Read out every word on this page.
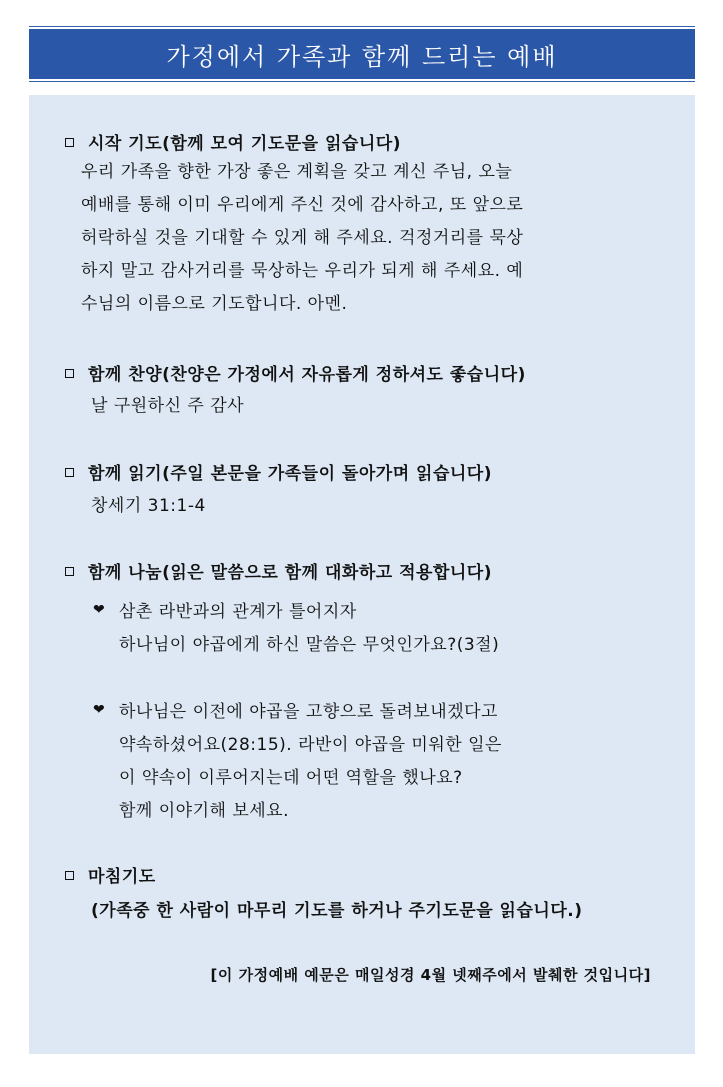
가정에서 가족과 함께 드리는 예배
시작 기도(함께 모여 기도문을 읽습니다)
우리 가족을 향한 가장 좋은 계획을 갖고 계신 주님, 오늘
예배를 통해 이미 우리에게 주신 것에 감사하고, 또 앞으로
허락하실 것을 기대할 수 있게 해 주세요. 걱정거리를 묵상
하지 말고 감사거리를 묵상하는 우리가 되게 해 주세요. 예
수님의 이름으로 기도합니다. 아멘.
함께 찬양(찬양은 가정에서 자유롭게 정하셔도 좋습니다)
날 구원하신 주 감사
함께 읽기(주일 본문을 가족들이 돌아가며 읽습니다)
창세기 31:1-4
함께 나눔(읽은 말씀으로 함께 대화하고 적용합니다)
❤ 삼촌 라반과의 관계가 틀어지자
하나님이 야곱에게 하신 말씀은 무엇인가요?(3절)
❤ 하나님은 이전에 야곱을 고향으로 돌려보내겠다고
약속하셨어요(28:15). 라반이 야곱을 미워한 일은
이 약속이 이루어지는데 어떤 역할을 했나요?
함께 이야기해 보세요.
마침기도
(가족중 한 사람이 마무리 기도를 하거나 주기도문을 읽습니다.)
[이 가정예배 예문은 매일성경 4월 넷째주에서 발췌한 것입니다]
